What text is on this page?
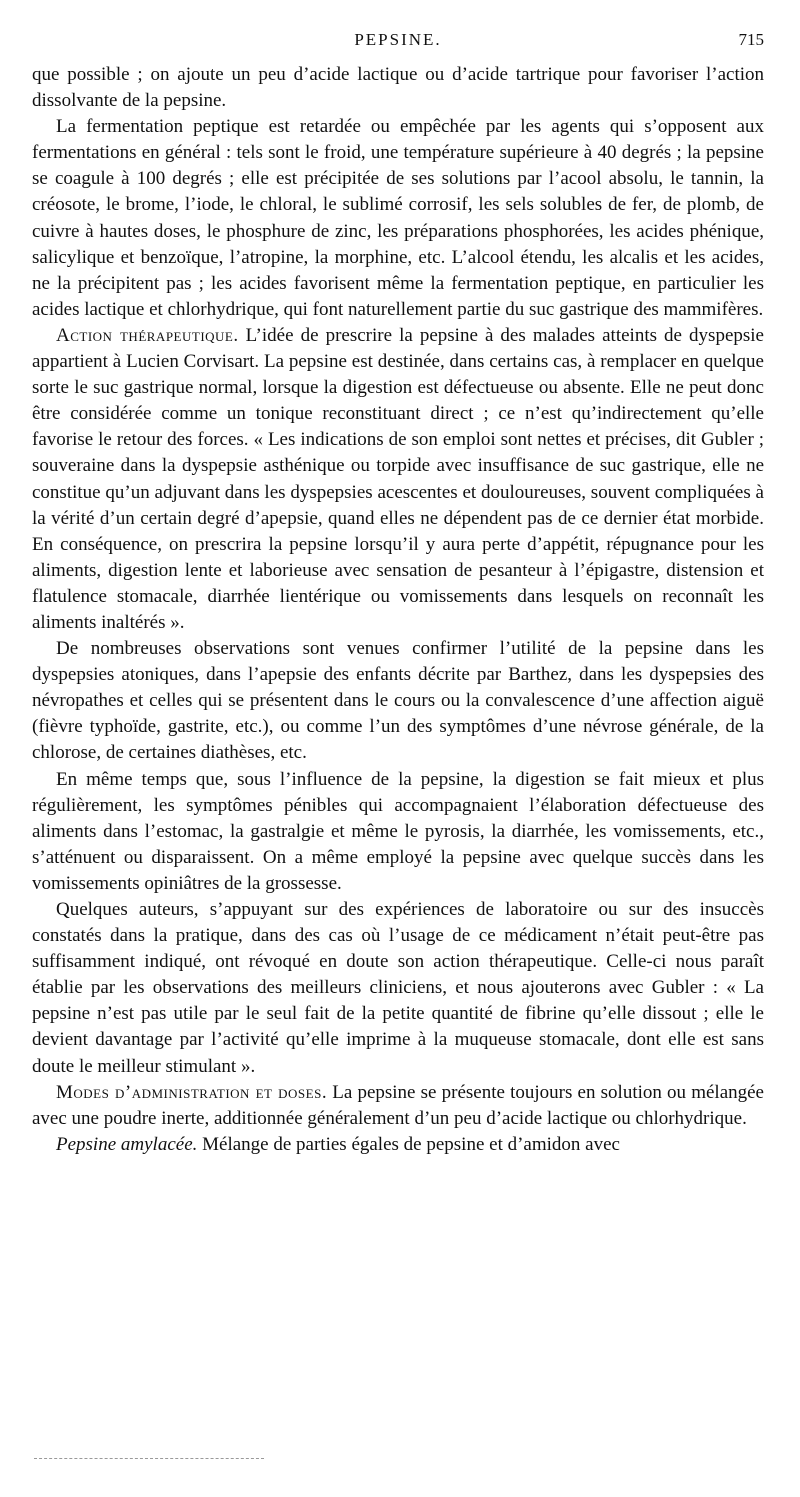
PEPSINE.	715

que possible ; on ajoute un peu d’acide lactique ou d’acide tartrique pour favoriser l’action dissolvante de la pepsine.

La fermentation peptique est retardée ou empêchée par les agents qui s’opposent aux fermentations en général : tels sont le froid, une température supérieure à 40 degrés ; la pepsine se coagule à 100 degrés ; elle est précipitée de ses solutions par l’acool absolu, le tannin, la créosote, le brome, l’iode, le chloral, le sublimé corrosif, les sels solubles de fer, de plomb, de cuivre à hautes doses, le phosphure de zinc, les préparations phosphorées, les acides phénique, salicylique et benzoïque, l’atropine, la morphine, etc. L’alcool étendu, les alcalis et les acides, ne la précipitent pas ; les acides favorisent même la fermentation peptique, en particulier les acides lactique et chlorhydrique, qui font naturellement partie du suc gastrique des mammifères.

Action thérapeutique. L’idée de prescrire la pepsine à des malades atteints de dyspepsie appartient à Lucien Corvisart. La pepsine est destinée, dans certains cas, à remplacer en quelque sorte le suc gastrique normal, lorsque la digestion est défectueuse ou absente. Elle ne peut donc être considérée comme un tonique reconstituant direct ; ce n’est qu’indirectement qu’elle favorise le retour des forces. « Les indications de son emploi sont nettes et précises, dit Gubler ; souveraine dans la dyspepsie asthénique ou torpide avec insuffisance de suc gastrique, elle ne constitue qu’un adjuvant dans les dyspepsies acescentes et douloureuses, souvent compliquées à la vérité d’un certain degré d’apepsie, quand elles ne dépendent pas de ce dernier état morbide. En conséquence, on prescrira la pepsine lorsqu’il y aura perte d’appétit, répugnance pour les aliments, digestion lente et laborieuse avec sensation de pesanteur à l’épigastre, distension et flatulence stomacale, diarrhée lientérique ou vomissements dans lesquels on reconnaît les aliments inaltérés ».

De nombreuses observations sont venues confirmer l’utilité de la pepsine dans les dyspepsies atoniques, dans l’apepsie des enfants décrite par Barthez, dans les dyspepsies des névropathes et celles qui se présentent dans le cours ou la convalescence d’une affection aiguë (fièvre typhoïde, gastrite, etc.), ou comme l’un des symptômes d’une névrose générale, de la chlorose, de certaines diathèses, etc.

En même temps que, sous l’influence de la pepsine, la digestion se fait mieux et plus régulièrement, les symptômes pénibles qui accompagnaient l’élaboration défectueuse des aliments dans l’estomac, la gastralgie et même le pyrosis, la diarrhée, les vomissements, etc., s’atténuent ou disparaissent. On a même employé la pepsine avec quelque succès dans les vomissements opiniâtres de la grossesse.

Quelques auteurs, s’appuyant sur des expériences de laboratoire ou sur des insuccès constatés dans la pratique, dans des cas où l’usage de ce médicament n’était peut-être pas suffisamment indiqué, ont révoqué en doute son action thérapeutique. Celle-ci nous paraît établie par les observations des meilleurs cliniciens, et nous ajouterons avec Gubler : « La pepsine n’est pas utile par le seul fait de la petite quantité de fibrine qu’elle dissout ; elle le devient davantage par l’activité qu’elle imprime à la muqueuse stomacale, dont elle est sans doute le meilleur stimulant ».

Modes d’administration et doses. La pepsine se présente toujours en solution ou mélangée avec une poudre inerte, additionnée généralement d’un peu d’acide lactique ou chlorhydrique.

Pepsine amylacée. Mélange de parties égales de pepsine et d’amidon avec
